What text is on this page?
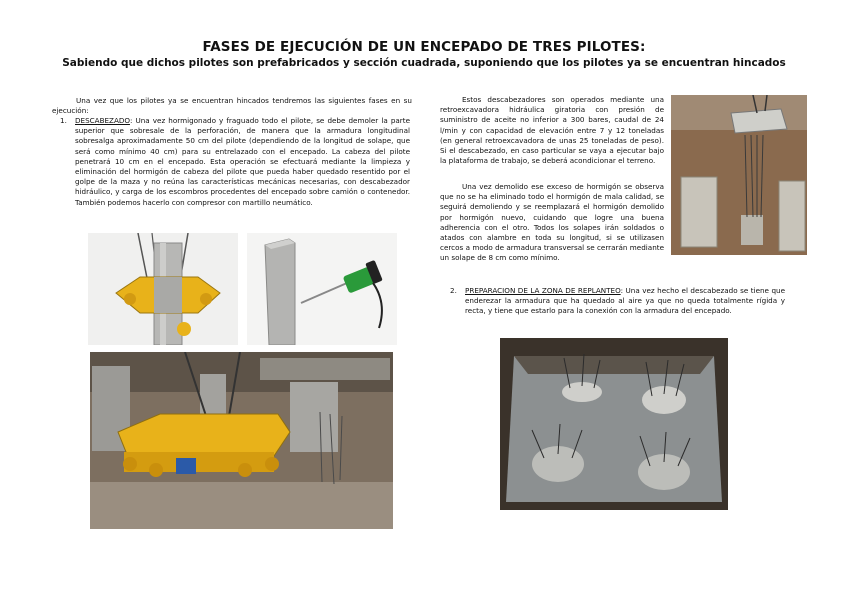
FASES DE EJECUCIÓN DE UN ENCEPADO DE TRES PILOTES:
Sabiendo que dichos pilotes son prefabricados y sección cuadrada, suponiendo que los pilotes ya se encuentran hincados
Una vez que los pilotes ya se encuentran hincados tendremos las siguientes fases en su ejecución:
1.	DESCABEZADO: Una vez hormigonado y fraguado todo el pilote, se debe demoler la parte superior que sobresale de la perforación, de manera que la armadura longitudinal sobresalga aproximadamente 50 cm del pilote (dependiendo de la longitud de solape, que será como mínimo 40 cm) para su entrelazado con el encepado. La cabeza del pilote penetrará 10 cm en el encepado. Esta operación se efectuará mediante la limpieza y eliminación del hormigón de cabeza del pilote que pueda haber quedado resentido por el golpe de la maza y no reúna las características mecánicas necesarias, con descabezador hidráulico, y carga de los escombros procedentes del encepado sobre camión o contenedor. También podemos hacerlo con compresor con martillo neumático.
Estos descabezadores son operados mediante una retroexcavadora hidráulica giratoria con presión de suministro de aceite no inferior a 300 bares, caudal de 24 l/min y con capacidad de elevación entre 7 y 12 toneladas (en general retroexcavadora de unas 25 toneladas de peso). Si el descabezado, en caso particular se vaya a ejecutar bajo la plataforma de trabajo, se deberá acondicionar el terreno.
Una vez demolido ese exceso de hormigón se observa que no se ha eliminado todo el hormigón de mala calidad, se seguirá demoliendo y se reemplazará el hormigón demolido por hormigón nuevo, cuidando que logre una buena adherencia con el otro. Todos los solapes irán soldados o atados con alambre en toda su longitud, si se utilizasen cercos a modo de armadura transversal se cerrarán mediante un solape de 8 cm como mínimo.
2.	PREPARACION DE LA ZONA DE REPLANTEO: Una vez hecho el descabezado se tiene que enderezar la armadura que ha quedado al aire ya que no queda totalmente rígida y recta, y tiene que estarlo para la conexión con la armadura del encepado.
